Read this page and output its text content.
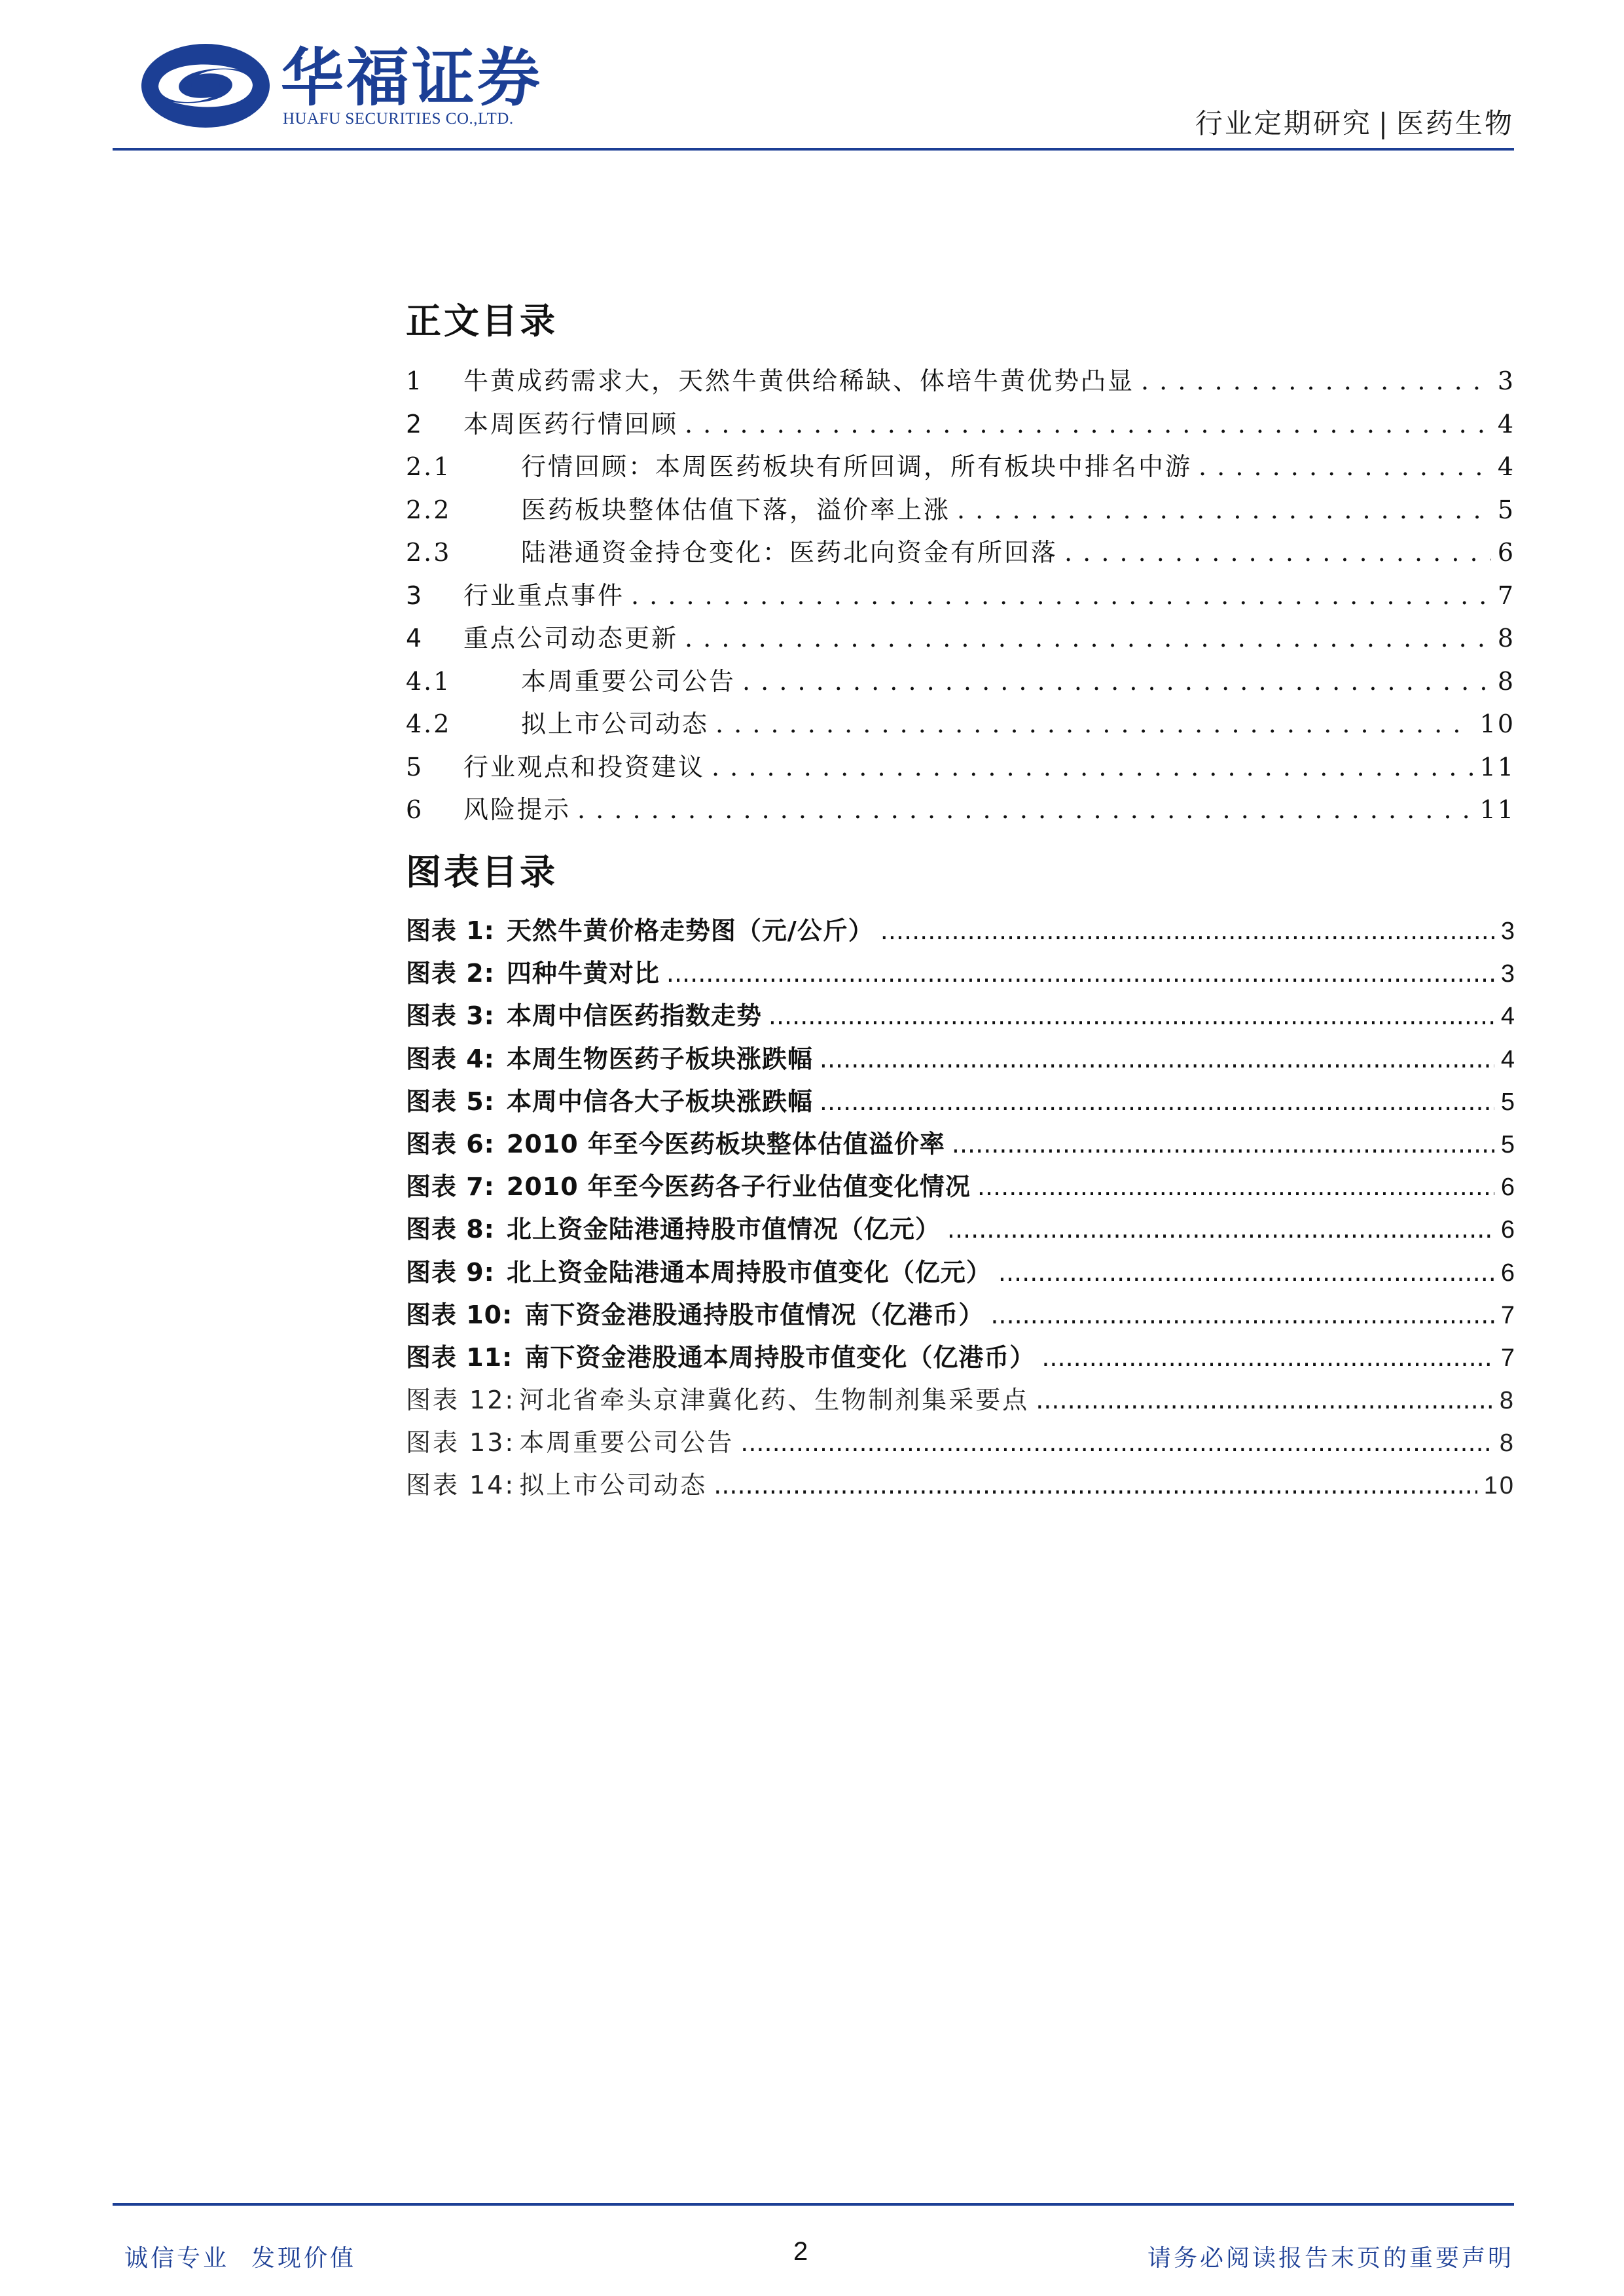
华福证券
HUAFU SECURITIES CO.,LTD.	行业定期研究 | 医药生物
正文目录
1	牛黄成药需求大，天然牛黄供给稀缺、体培牛黄优势凸显 . . .	3
2	本周医药行情回顾 . . .	4
2.1	行情回顾：本周医药板块有所回调，所有板块中排名中游 . . .	4
2.2	医药板块整体估值下落，溢价率上涨 . . .	5
2.3	陆港通资金持仓变化：医药北向资金有所回落 . . .	6
3	行业重点事件 . . .	7
4	重点公司动态更新 . . .	8
4.1	本周重要公司公告 . . .	8
4.2	拟上市公司动态 . . .	10
5	行业观点和投资建议 . . .	11
6	风险提示 . . .	11
图表目录
图表 1: 天然牛黄价格走势图（元/公斤） .....	3
图表 2: 四种牛黄对比 .....	3
图表 3: 本周中信医药指数走势 .....	4
图表 4: 本周生物医药子板块涨跌幅 .....	4
图表 5: 本周中信各大子板块涨跌幅 .....	5
图表 6: 2010 年至今医药板块整体估值溢价率 .....	5
图表 7: 2010 年至今医药各子行业估值变化情况 .....	6
图表 8: 北上资金陆港通持股市值情况（亿元） .....	6
图表 9: 北上资金陆港通本周持股市值变化（亿元） .....	6
图表 10: 南下资金港股通持股市值情况（亿港币） .....	7
图表 11: 南下资金港股通本周持股市值变化（亿港币） .....	7
图表 12: 河北省牵头京津冀化药、生物制剂集采要点 .....	8
图表 13: 本周重要公司公告 .....	8
图表 14: 拟上市公司动态 .....	10
诚信专业 发现价值	2	请务必阅读报告末页的重要声明
